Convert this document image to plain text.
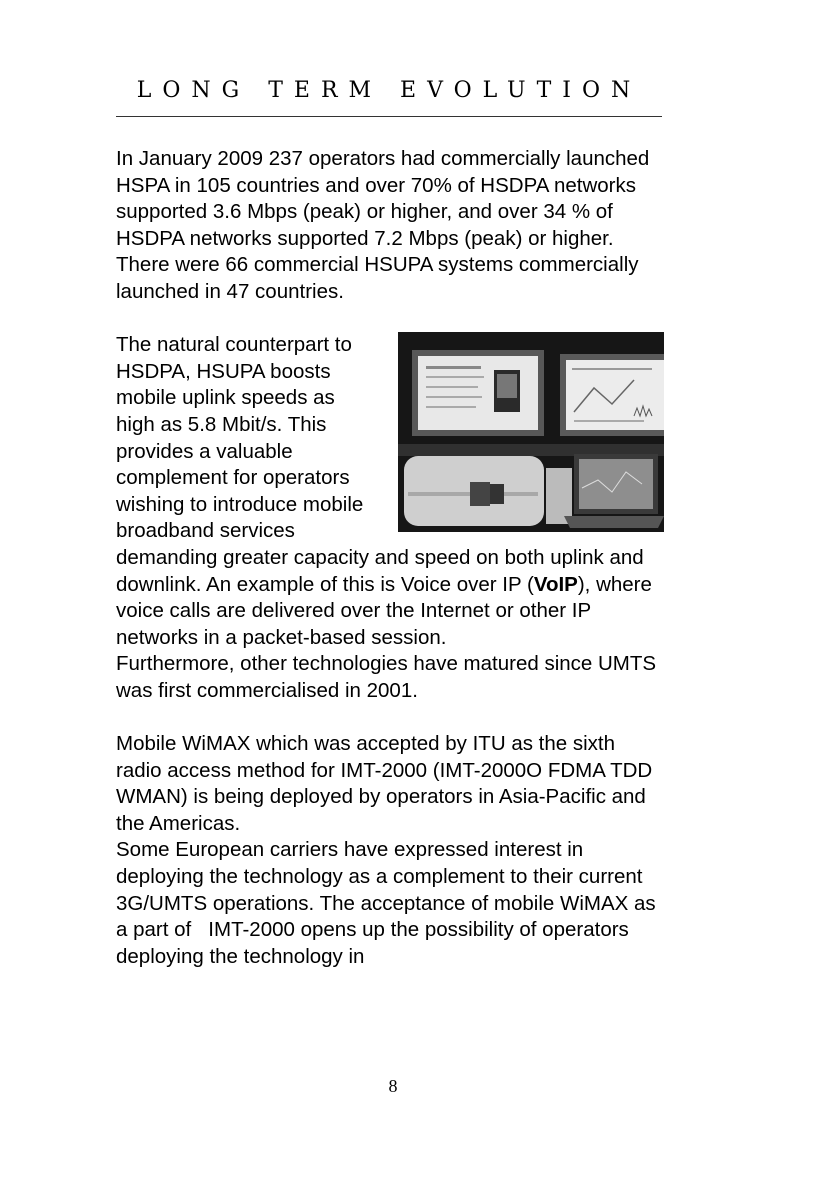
LONG TERM EVOLUTION

In January 2009 237 operators had commercially launched HSPA in 105 countries and over 70% of HSDPA networks supported 3.6 Mbps (peak) or higher, and over 34 % of HSDPA networks supported 7.2 Mbps (peak) or higher. There were 66 commercial HSUPA systems commercially launched in 47 countries.

The natural counterpart to HSDPA, HSUPA boosts mobile uplink speeds as high as 5.8 Mbit/s. This provides a valuable complement for operators wishing to introduce mobile broadband services demanding greater capacity and speed on both uplink and downlink. An example of this is Voice over IP (VoIP), where voice calls are delivered over the Internet or other IP networks in a packet-based session.

Furthermore, other technologies have matured since UMTS was first commercialised in 2001.

Mobile WiMAX which was accepted by ITU as the sixth radio access method for IMT-2000 (IMT-2000O FDMA TDD WMAN) is being deployed by operators in Asia-Pacific and the Americas.

Some European carriers have expressed interest in deploying the technology as a complement to their current 3G/UMTS operations. The acceptance of mobile WiMAX as a part of   IMT-2000 opens up the possibility of operators deploying the technology in

8
